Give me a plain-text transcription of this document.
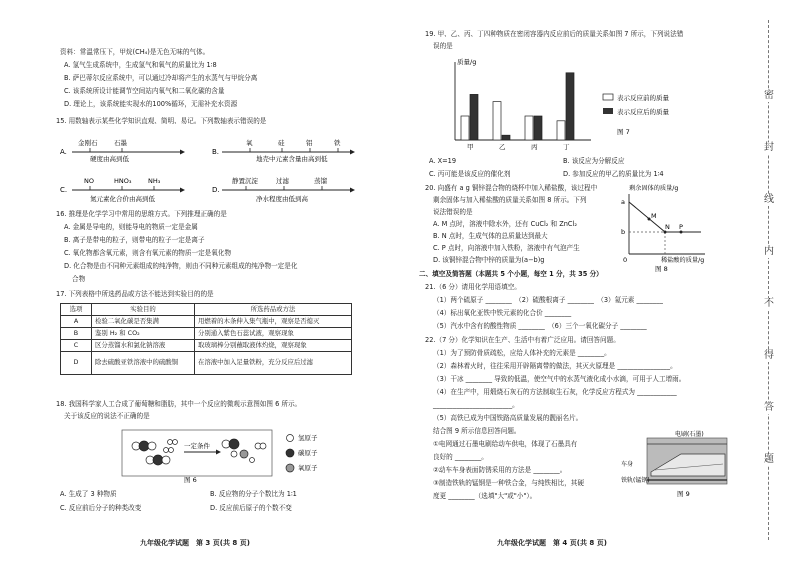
资料：常温常压下，甲烷(CH₄)是无色无味的气体。
A. 氢气生成系统中，生成氢气和氧气的质量比为 1∶8
B. 萨巴蒂尔反应系统中，可以通过冷却将产生的水蒸气与甲烷分离
C. 该系统所设计能调节空间站内氧气和二氧化碳的含量
D. 理论上，该系统能实现水的100%循环，无需补充水资源
15. 用数轴表示某些化学知识直观、简明、易记。下列数轴表示错误的是
A.
C.
B.
D.
金刚石	石墨
硬度由高到低
氧	硅	铝	铁
地壳中元素含量由高到低
NO	HNO₃	NH₃
氮元素化合价由高到低
静置沉淀	过滤	蒸馏
净水程度由低到高
16. 推理是化学学习中常用的思维方式。下列推理正确的是
A. 金属是导电的，则能导电的物质一定是金属
B. 离子是带电的粒子，则带电的粒子一定是离子
C. 氧化物都含氧元素，则含有氧元素的物质一定是氧化物
D. 化合物是由不同种元素组成的纯净物，则由不同种元素组成的纯净物一定是化
合物
17. 下列表格中所选药品或方法不能达到实验目的的是
选项	实验目的	所选药品或方法
A	检验二氧化碳是否集满	用燃着的木条伸入集气瓶中，观察是否熄灭
B	鉴别 H₂ 和 CO₂	分别通入紫色石蕊试液，观察现象
C	区分蒸馏水和氯化钠溶液	取玻璃棒分别蘸取液体灼烧，观察现象
D	除去硫酸亚铁溶液中的硫酸铜	在溶液中加入足量铁粉，充分反应后过滤
18. 我国科学家人工合成了葡萄糖和脂肪，其中一个反应的微观示意图如图 6 所示。
关于该反应的说法不正确的是
一定条件
图 6
氢原子
碳原子
氧原子
A. 生成了 3 种物质	B. 反应物的分子个数比为 1∶1
C. 反应前后分子的种类改变	D. 反应前后原子的个数不变
九年级化学试题　第 3 页(共 8 页)
19. 甲、乙、丙、丁四种物质在密闭容器内反应前后的质量关系如图 7 所示，下列说法错
误的是
质量/g
甲	乙	丙	丁
表示反应前的质量
表示反应后的质量
图 7
A. X=19	B. 该反应为分解反应
C. 丙可能是该反应的催化剂	D. 参加反应的甲乙的质量比为 1∶4
20. 向盛有 a g 铜锌混合物的烧杯中加入稀盐酸，该过程中
剩余固体与加入稀盐酸的质量关系如图 8 所示。下列
说法错误的是
A. M 点时，溶液中除水外，还有 CuCl₂ 和 ZnCl₂
B. N 点时，生成气体的总质量达到最大
C. P 点时，向溶液中加入铁粉，溶液中有气泡产生
D. 该铜锌混合物中锌的质量为(a−b)g
剩余固体的质量/g
a
b
M
N P
0	稀盐酸的质量/g
图 8
二、填空及简答题（本题共 5 个小题，每空 1 分，共 35 分）
21.（6 分）请用化学用语填空。
（1）两个硫原子 ________　（2）硫酸根离子 ________　（3）氦元素 ________
（4）标出氧化亚铁中铁元素的化合价 ________
（5）汽水中含有的酸性物质 ________　（6）三个一氧化碳分子 ________
22.（7 分）化学知识在生产、生活中有着广泛应用。请回答问题。
（1）为了预防骨质疏松，应给人体补充的元素是 ________。
（2）森林着火时，往往采用开辟隔离带的做法，其灭火原理是 ________________。
（3）干冰 ________ 导致的低温，使空气中的水蒸气液化成小水滴，可用于人工增雨。
（4）在生产中，用煅烧石灰石的方法制取生石灰，化学反应方程式为 ____________
________________________。
（5）高铁已成为中国铁路高质量发展的靓丽名片。
结合图 9 所示信息回答问题。
①电网通过石墨电刷给动车供电，体现了石墨具有
良好的 ________。
②动车车身表面防锈采用的方法是 ________。
③制造铁轨的锰钢是一种铁合金，与纯铁相比，其硬
度更 ________（选填"大"或"小"）。
电刷(石墨)
车身
铁轨(锰钢)
图 9
九年级化学试题　第 4 页(共 8 页)
密
封
线
内
不
得
答
题
